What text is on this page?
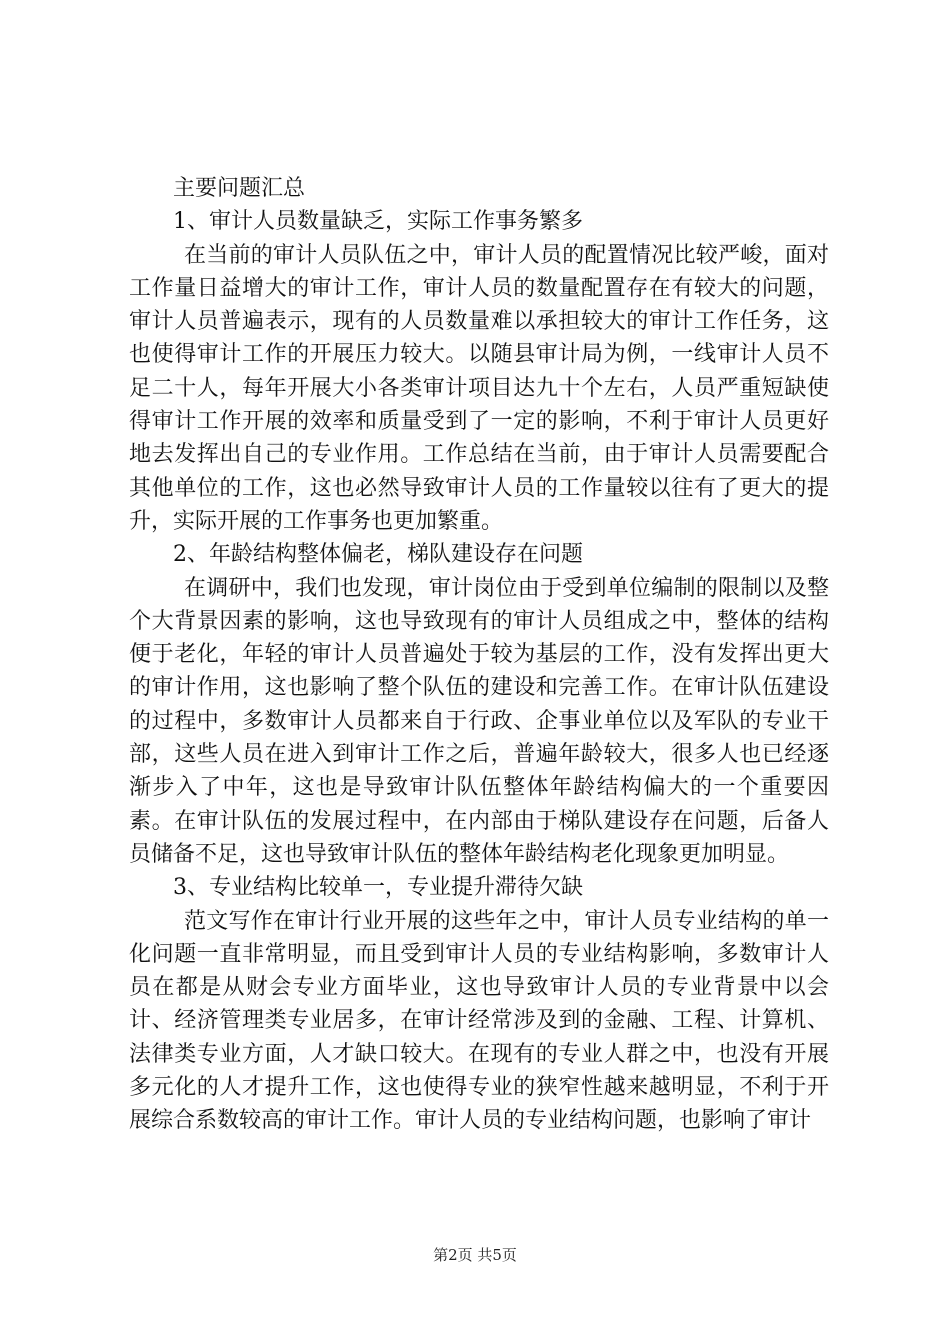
主要问题汇总

1、审计人员数量缺乏，实际工作事务繁多

在当前的审计人员队伍之中，审计人员的配置情况比较严峻，面对工作量日益增大的审计工作，审计人员的数量配置存在有较大的问题，审计人员普遍表示，现有的人员数量难以承担较大的审计工作任务，这也使得审计工作的开展压力较大。以随县审计局为例，一线审计人员不足二十人，每年开展大小各类审计项目达九十个左右，人员严重短缺使得审计工作开展的效率和质量受到了一定的影响，不利于审计人员更好地去发挥出自己的专业作用。工作总结在当前，由于审计人员需要配合其他单位的工作，这也必然导致审计人员的工作量较以往有了更大的提升，实际开展的工作事务也更加繁重。

2、年龄结构整体偏老，梯队建设存在问题

在调研中，我们也发现，审计岗位由于受到单位编制的限制以及整个大背景因素的影响，这也导致现有的审计人员组成之中，整体的结构便于老化，年轻的审计人员普遍处于较为基层的工作，没有发挥出更大的审计作用，这也影响了整个队伍的建设和完善工作。在审计队伍建设的过程中，多数审计人员都来自于行政、企事业单位以及军队的专业干部，这些人员在进入到审计工作之后，普遍年龄较大，很多人也已经逐渐步入了中年，这也是导致审计队伍整体年龄结构偏大的一个重要因素。在审计队伍的发展过程中，在内部由于梯队建设存在问题，后备人员储备不足，这也导致审计队伍的整体年龄结构老化现象更加明显。

3、专业结构比较单一，专业提升滞待欠缺

范文写作在审计行业开展的这些年之中，审计人员专业结构的单一化问题一直非常明显，而且受到审计人员的专业结构影响，多数审计人员在都是从财会专业方面毕业，这也导致审计人员的专业背景中以会计、经济管理类专业居多，在审计经常涉及到的金融、工程、计算机、法律类专业方面，人才缺口较大。在现有的专业人群之中，也没有开展多元化的人才提升工作，这也使得专业的狭窄性越来越明显，不利于开展综合系数较高的审计工作。审计人员的专业结构问题，也影响了审计

第2页 共5页
